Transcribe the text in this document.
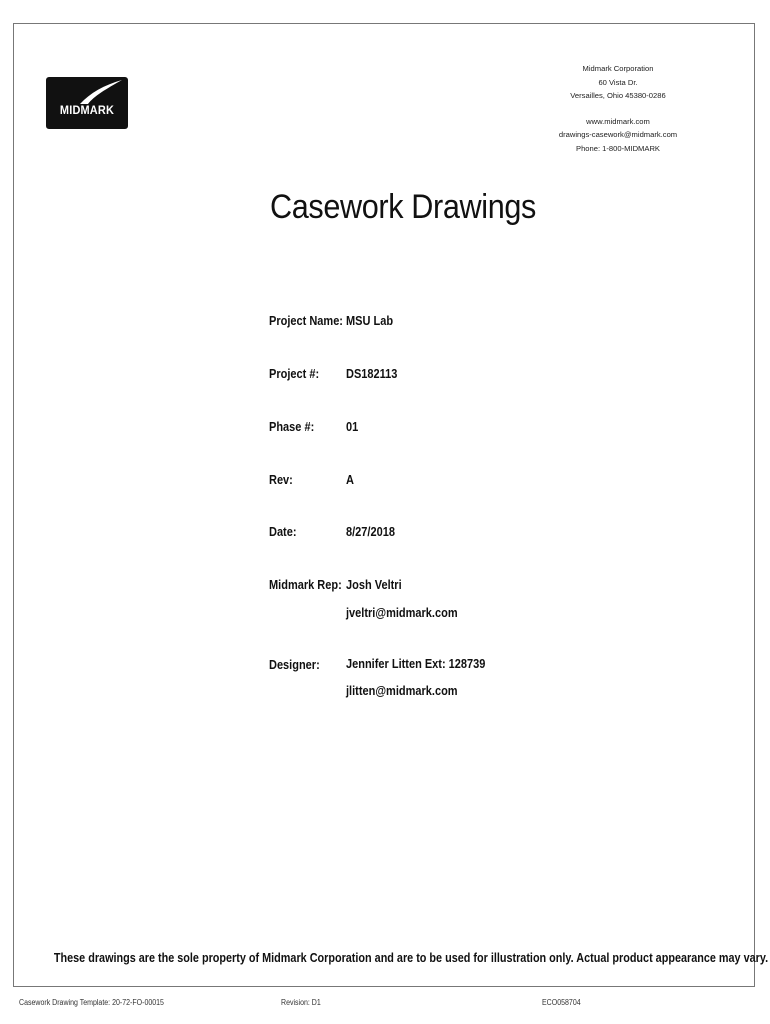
MIDMARK
Midmark Corporation
60 Vista Dr.
Versailles, Ohio 45380-0286
www.midmark.com
drawings-casework@midmark.com
Phone: 1-800-MIDMARK
Casework Drawings
Project Name: MSU Lab
Project #: DS182113
Phase #:	01
Rev:	A
Date:	8/27/2018
Midmark Rep: Josh Veltri
jveltri@midmark.com
Designer: Jennifer Litten Ext: 128739
jlitten@midmark.com
These drawings are the sole property of Midmark Corporation and are to be used for illustration only. Actual product appearance may vary.
Casework Drawing Template: 20-72-FO-00015	Revision: D1	ECO058704
